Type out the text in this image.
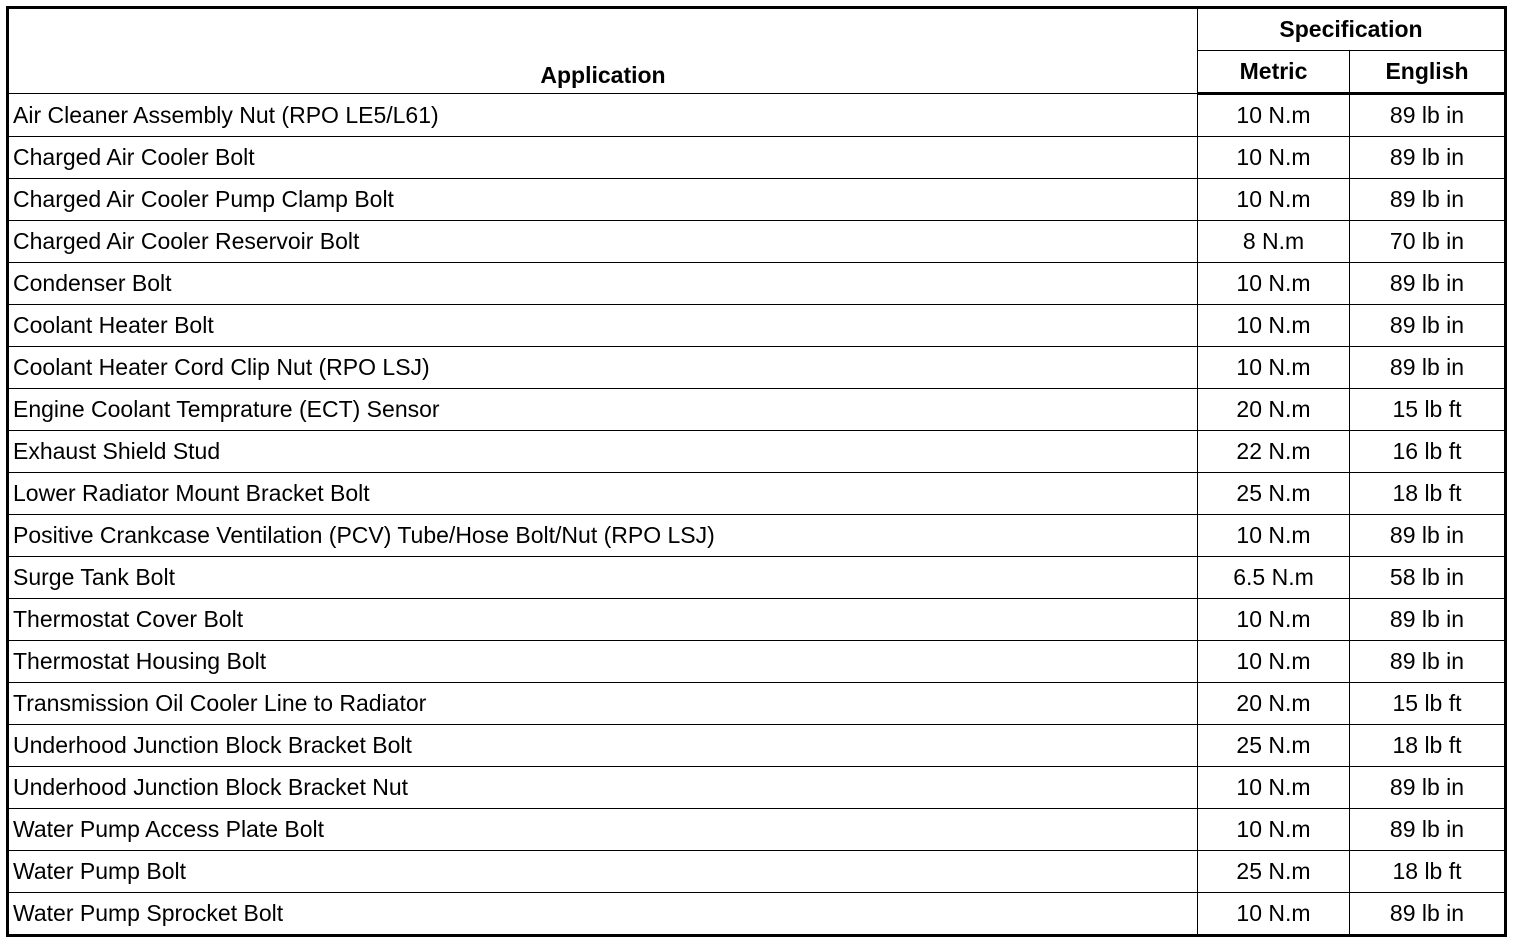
Application	Specification	
	Metric	English
Air Cleaner Assembly Nut (RPO LE5/L61)	10 N.m	89 lb in
Charged Air Cooler Bolt	10 N.m	89 lb in
Charged Air Cooler Pump Clamp Bolt	10 N.m	89 lb in
Charged Air Cooler Reservoir Bolt	8 N.m	70 lb in
Condenser Bolt	10 N.m	89 lb in
Coolant Heater Bolt	10 N.m	89 lb in
Coolant Heater Cord Clip Nut (RPO LSJ)	10 N.m	89 lb in
Engine Coolant Temprature (ECT) Sensor	20 N.m	15 lb ft
Exhaust Shield Stud	22 N.m	16 lb ft
Lower Radiator Mount Bracket Bolt	25 N.m	18 lb ft
Positive Crankcase Ventilation (PCV) Tube/Hose Bolt/Nut (RPO LSJ)	10 N.m	89 lb in
Surge Tank Bolt	6.5 N.m	58 lb in
Thermostat Cover Bolt	10 N.m	89 lb in
Thermostat Housing Bolt	10 N.m	89 lb in
Transmission Oil Cooler Line to Radiator	20 N.m	15 lb ft
Underhood Junction Block Bracket Bolt	25 N.m	18 lb ft
Underhood Junction Block Bracket Nut	10 N.m	89 lb in
Water Pump Access Plate Bolt	10 N.m	89 lb in
Water Pump Bolt	25 N.m	18 lb ft
Water Pump Sprocket Bolt	10 N.m	89 lb in
